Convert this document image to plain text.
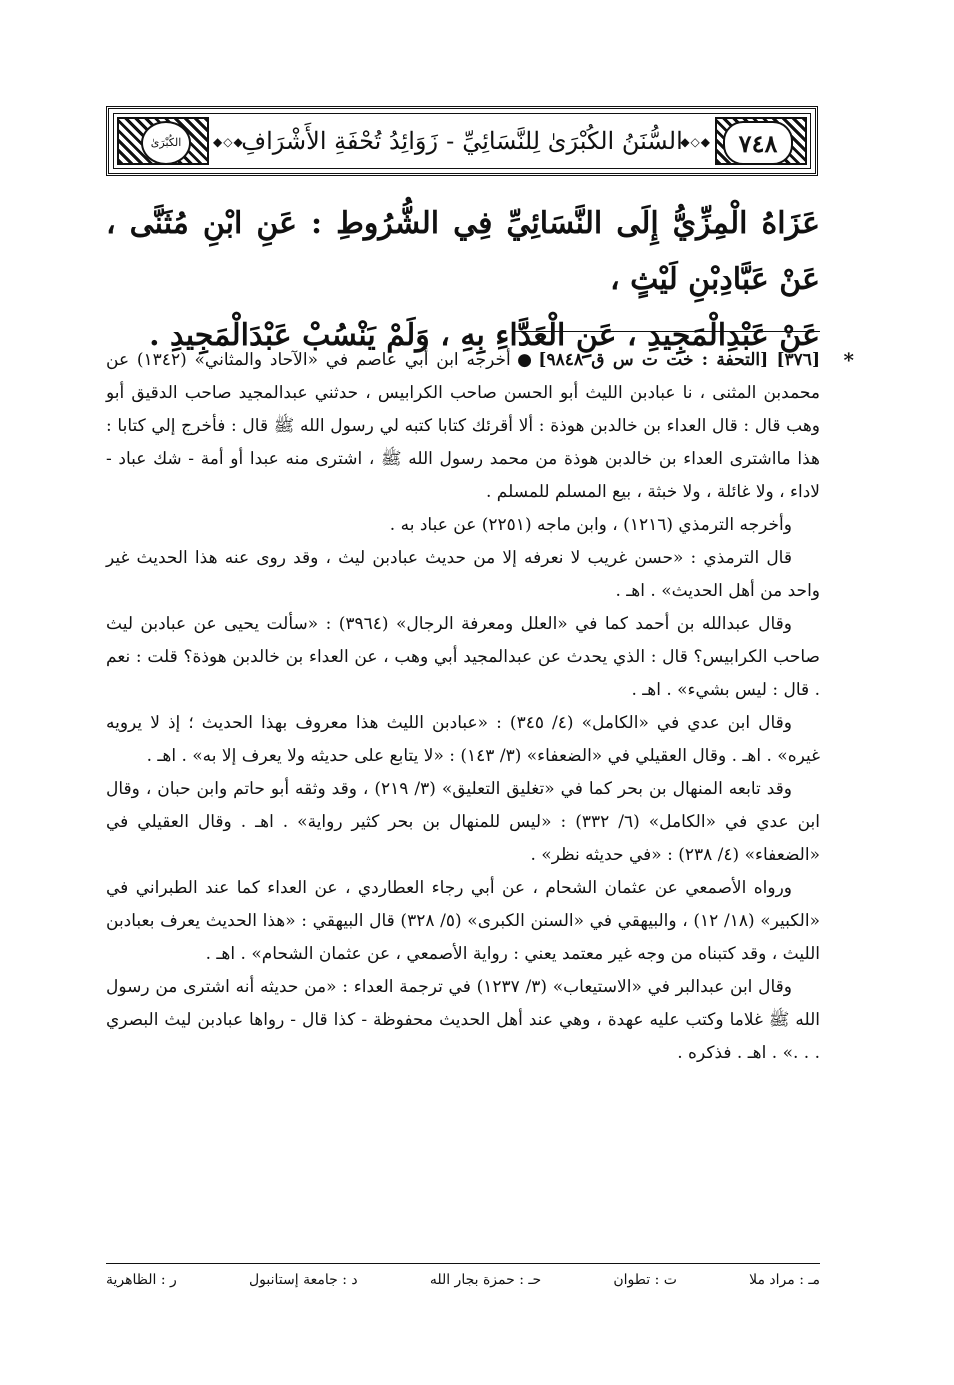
٧٤٨
◆◇◆
السُّنَنُ الكُبْرَىٰ لِلنَّسَائِيِّ-زَوَائِدُ تُحْفَةِ الأَشْرَافِ
◆◇◆
الكُبْرَىٰ

عَزَاهُ الْمِزِّيُّ إِلَى النَّسَائِيِّ فِي الشُّرُوطِ : عَنِ ابْنِ مُثَنَّى ، عَنْ عَبَّادِبْنِ لَيْثٍ ،

عَنْ عَبْدِالْمَجِيدِ ، عَنِ الْعَدَّاءِ بِهِ ، وَلَمْ يَنْسُبْ عَبْدَالْمَجِيدِ .

*

[٣٧٦] [التحفة : خت ت س ق ٩٨٤٨]●أخرجه ابن أبي عاصم في «الآحاد والمثاني» (١٣٤٢) عن محمدبن المثنى ، نا عبادبن الليث أبو الحسن صاحب الكرابيس ، حدثني عبدالمجيد صاحب الدقيق أبو وهب قال : قال العداء بن خالدبن هوذة : ألا أقرئك كتابا كتبه لي رسول الله ﷺ قال : فأخرج إلي كتابا : هذا مااشترى العداء بن خالدبن هوذة من محمد رسول الله ﷺ ، اشترى منه عبدا أو أمة - شك عباد - لاداء ، ولا غائلة ، ولا خبثة ، بيع المسلم للمسلم .

وأخرجه الترمذي (١٢١٦) ، وابن ماجه (٢٢٥١) عن عباد به .

قال الترمذي : «حسن غريب لا نعرفه إلا من حديث عبادبن ليث ، وقد روى عنه هذا الحديث غير واحد من أهل الحديث» . اهـ .

وقال عبدالله بن أحمد كما في «العلل ومعرفة الرجال» (٣٩٦٤) : «سألت يحيى عن عبادبن ليث صاحب الكرابيس؟ قال : الذي يحدث عن عبدالمجيد أبي وهب ، عن العداء بن خالدبن هوذة؟ قلت : نعم . قال : ليس بشيء» . اهـ .

وقال ابن عدي في «الكامل» (٤/ ٣٤٥) : «عبادبن الليث هذا معروف بهذا الحديث ؛ إذ لا يرويه غيره» . اهـ . وقال العقيلي في «الضعفاء» (٣/ ١٤٣) : «لا يتابع على حديثه ولا يعرف إلا به» . اهـ .

وقد تابعه المنهال بن بحر كما في «تغليق التعليق» (٣/ ٢١٩) ، وقد وثقه أبو حاتم وابن حبان ، وقال ابن عدي في «الكامل» (٦/ ٣٣٢) : «ليس للمنهال بن بحر كثير رواية» . اهـ . وقال العقيلي في «الضعفاء» (٤/ ٢٣٨) : «في حديثه نظر» .

ورواه الأصمعي عن عثمان الشحام ، عن أبي رجاء العطاردي ، عن العداء كما عند الطبراني في «الكبير» (١٨/ ١٢) ، والبيهقي في «السنن الكبرى» (٥/ ٣٢٨) قال البيهقي : «هذا الحديث يعرف بعبادبن الليث ، وقد كتبناه من وجه غير معتمد يعني : رواية الأصمعي ، عن عثمان الشحام» . اهـ .

وقال ابن عبدالبر في «الاستيعاب» (٣/ ١٢٣٧) في ترجمة العداء : «من حديثه أنه اشترى من رسول الله ﷺ غلاما وكتب عليه عهدة ، وهي عند أهل الحديث محفوظة - كذا قال - رواها عبادبن ليث البصري . . .» . اهـ . فذكره .

مـ : مراد ملا
ت : تطوان
حـ : حمزة بجار الله
د : جامعة إستانبول
ر : الظاهرية
